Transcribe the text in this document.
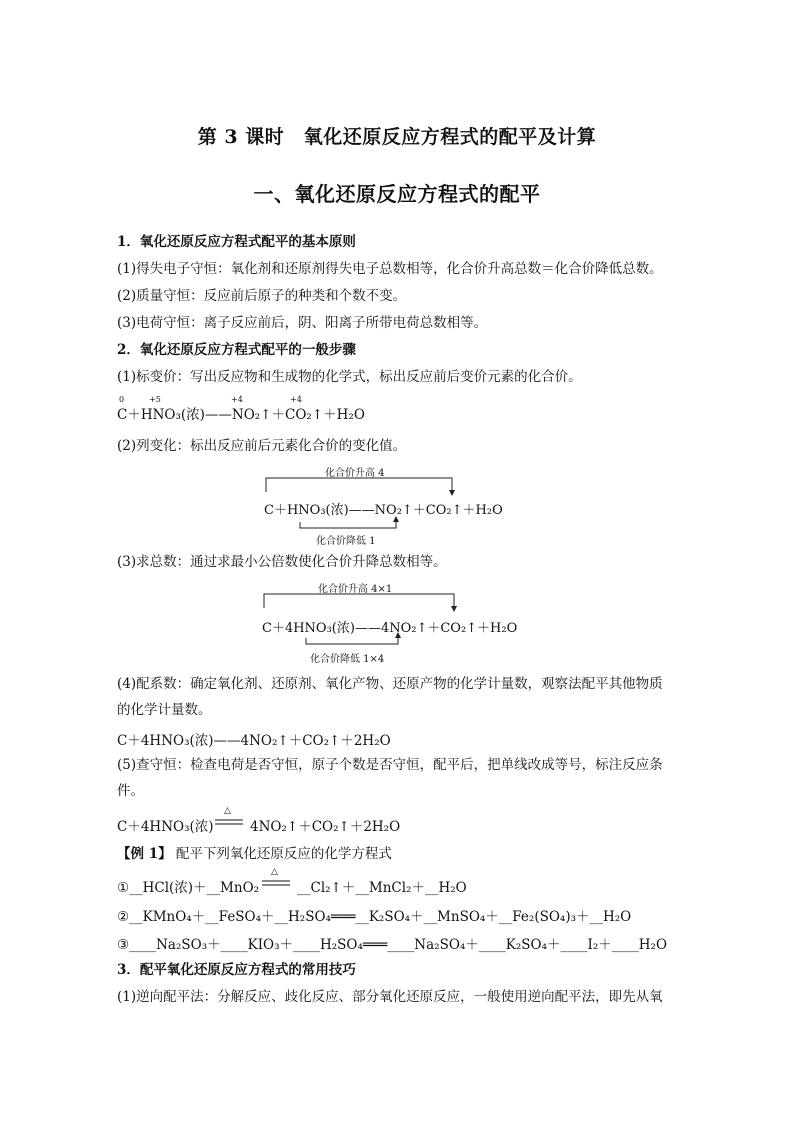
第 3 课时　氧化还原反应方程式的配平及计算
一、氧化还原反应方程式的配平
1．氧化还原反应方程式配平的基本原则
(1)得失电子守恒：氧化剂和还原剂得失电子总数相等，化合价升高总数＝化合价降低总数。
(2)质量守恒：反应前后原子的种类和个数不变。
(3)电荷守恒：离子反应前后，阴、阳离子所带电荷总数相等。
2．氧化还原反应方程式配平的一般步骤
(1)标变价：写出反应物和生成物的化学式，标出反应前后变价元素的化合价。
0	+5	+4	+4
C＋HNO₃(浓)——NO₂↑＋CO₂↑＋H₂O
(2)列变化：标出反应前后元素化合价的变化值。
化合价升高 4
C＋HNO₃(浓)——NO₂↑＋CO₂↑＋H₂O
化合价降低 1
(3)求总数：通过求最小公倍数使化合价升降总数相等。
化合价升高 4×1
C＋4HNO₃(浓)——4NO₂↑＋CO₂↑＋H₂O
化合价降低 1×4
(4)配系数：确定氧化剂、还原剂、氧化产物、还原产物的化学计量数，观察法配平其他物质
的化学计量数。
C＋4HNO₃(浓)——4NO₂↑＋CO₂↑＋2H₂O
(5)查守恒：检查电荷是否守恒，原子个数是否守恒，配平后，把单线改成等号，标注反应条
件。
C＋4HNO₃(浓)
△
4NO₂↑＋CO₂↑＋2H₂O
【例 1】 配平下列氧化还原反应的化学方程式
①__HCl(浓)＋__MnO₂
△
__Cl₂↑＋__MnCl₂＋__H₂O
②__KMnO₄＋__FeSO₄＋__H₂SO₄═══__K₂SO₄＋__MnSO₄＋__Fe₂(SO₄)₃＋__H₂O
③____Na₂SO₃＋____KIO₃＋____H₂SO₄═══____Na₂SO₄＋____K₂SO₄＋____I₂＋____H₂O
3．配平氧化还原反应方程式的常用技巧
(1)逆向配平法：分解反应、歧化反应、部分氧化还原反应，一般使用逆向配平法，即先从氧
